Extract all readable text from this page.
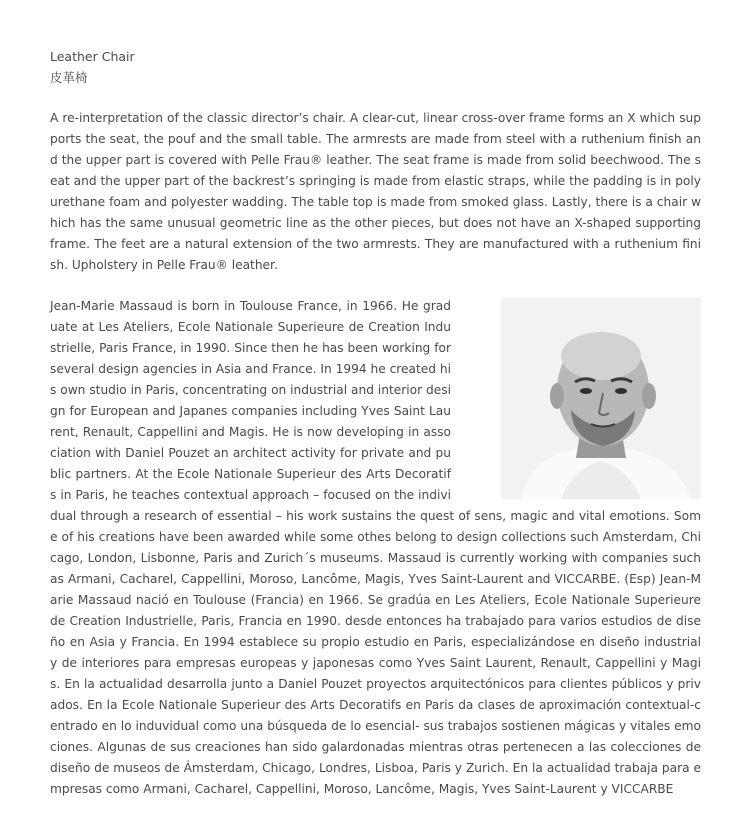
Leather Chair

皮革椅

A re-interpretation of the classic director’s chair. A clear-cut, linear cross-over frame forms an X which supports the seat, the pouf and the small table. The armrests are made from steel with a ruthenium finish and the upper part is covered with Pelle Frau® leather. The seat frame is made from solid beechwood. The seat and the upper part of the backrest’s springing is made from elastic straps, while the padding is in polyurethane foam and polyester wadding. The table top is made from smoked glass. Lastly, there is a chair which has the same unusual geometric line as the other pieces, but does not have an X-shaped supporting frame. The feet are a natural extension of the two armrests. They are manufactured with a ruthenium finish. Upholstery in Pelle Frau® leather.

Jean-Marie Massaud is born in Toulouse France, in 1966. He graduate at Les Ateliers, Ecole Nationale Superieure de Creation Industrielle, Paris France, in 1990. Since then he has been working for several design agencies in Asia and France. In 1994 he created his own studio in Paris, concentrating on industrial and interior design for European and Japanes companies including Yves Saint Laurent, Renault, Cappellini and Magis. He is now developing in association with Daniel Pouzet an architect activity for private and public partners. At the Ecole Nationale Superieur des Arts Decoratifs in Paris, he teaches contextual approach – focused on the individual through a research of essential – his work sustains the quest of sens, magic and vital emotions. Some of his creations have been awarded while some othes belong to design collections such Amsterdam, Chicago, London, Lisbonne, Paris and Zurich´s museums. Massaud is currently working with companies such as Armani, Cacharel, Cappellini, Moroso, Lancôme, Magis, Yves Saint-Laurent and VICCARBE. (Esp) Jean-Marie Massaud nació en Toulouse (Francia) en 1966. Se gradúa en Les Ateliers, Ecole Nationale Superieure de Creation Industrielle, Paris, Francia en 1990. desde entonces ha trabajado para varios estudios de diseño en Asia y Francia. En 1994 establece su propio estudio en Paris, especializándose en diseño industrial y de interiores para empresas europeas y japonesas como Yves Saint Laurent, Renault, Cappellini y Magis. En la actualidad desarrolla junto a Daniel Pouzet proyectos arquitectónicos para clientes públicos y privados. En la Ecole Nationale Superieur des Arts Decoratifs en Paris da clases de aproximación contextual-centrado en lo induvidual como una búsqueda de lo esencial- sus trabajos sostienen mágicas y vitales emociones. Algunas de sus creaciones han sido galardonadas mientras otras pertenecen a las colecciones de diseño de museos de Ámsterdam, Chicago, Londres, Lisboa, Paris y Zurich. En la actualidad trabaja para empresas como Armani, Cacharel, Cappellini, Moroso, Lancôme, Magis, Yves Saint-Laurent y VICCARBE
